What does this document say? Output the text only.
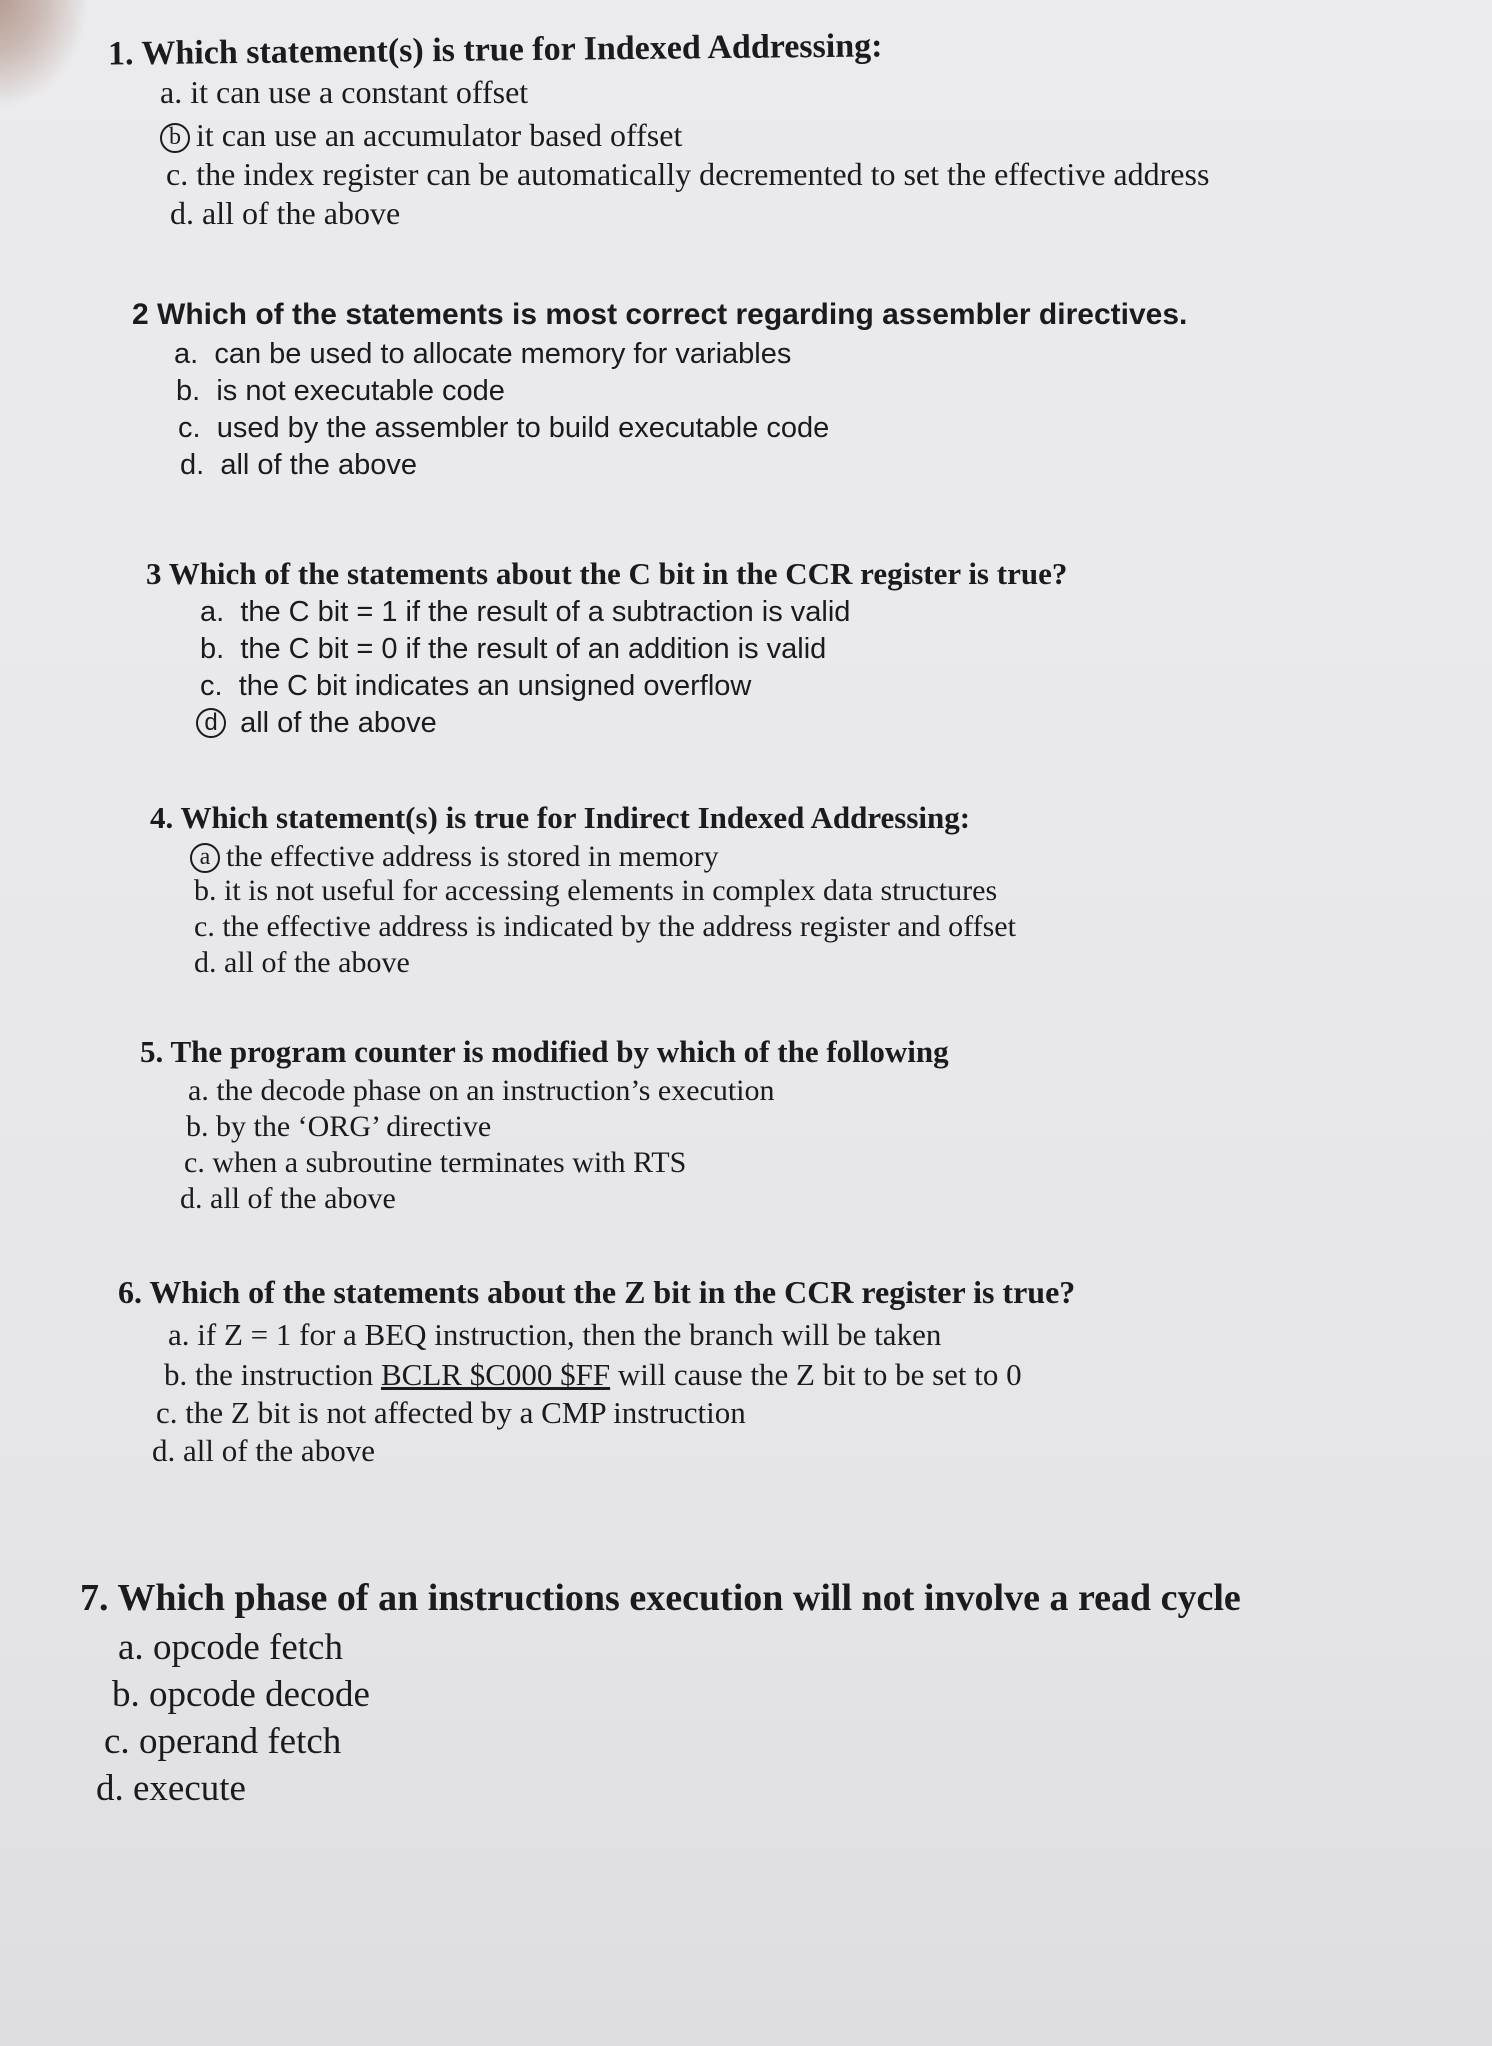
1. Which statement(s) is true for Indexed Addressing:
a. it can use a constant offset
b it can use an accumulator based offset
c. the index register can be automatically decremented to set the effective address
d. all of the above
2 Which of the statements is most correct regarding assembler directives.
a. can be used to allocate memory for variables
b. is not executable code
c. used by the assembler to build executable code
d. all of the above
3 Which of the statements about the C bit in the CCR register is true?
a. the C bit = 1 if the result of a subtraction is valid
b. the C bit = 0 if the result of an addition is valid
c. the C bit indicates an unsigned overflow
d all of the above
4. Which statement(s) is true for Indirect Indexed Addressing:
a the effective address is stored in memory
b. it is not useful for accessing elements in complex data structures
c. the effective address is indicated by the address register and offset
d. all of the above
5. The program counter is modified by which of the following
a. the decode phase on an instruction’s execution
b. by the ‘ORG’ directive
c. when a subroutine terminates with RTS
d. all of the above
6. Which of the statements about the Z bit in the CCR register is true?
a. if Z = 1 for a BEQ instruction, then the branch will be taken
b. the instruction BCLR $C000 $FF will cause the Z bit to be set to 0
c. the Z bit is not affected by a CMP instruction
d. all of the above
7. Which phase of an instructions execution will not involve a read cycle
a. opcode fetch
b. opcode decode
c. operand fetch
d. execute
